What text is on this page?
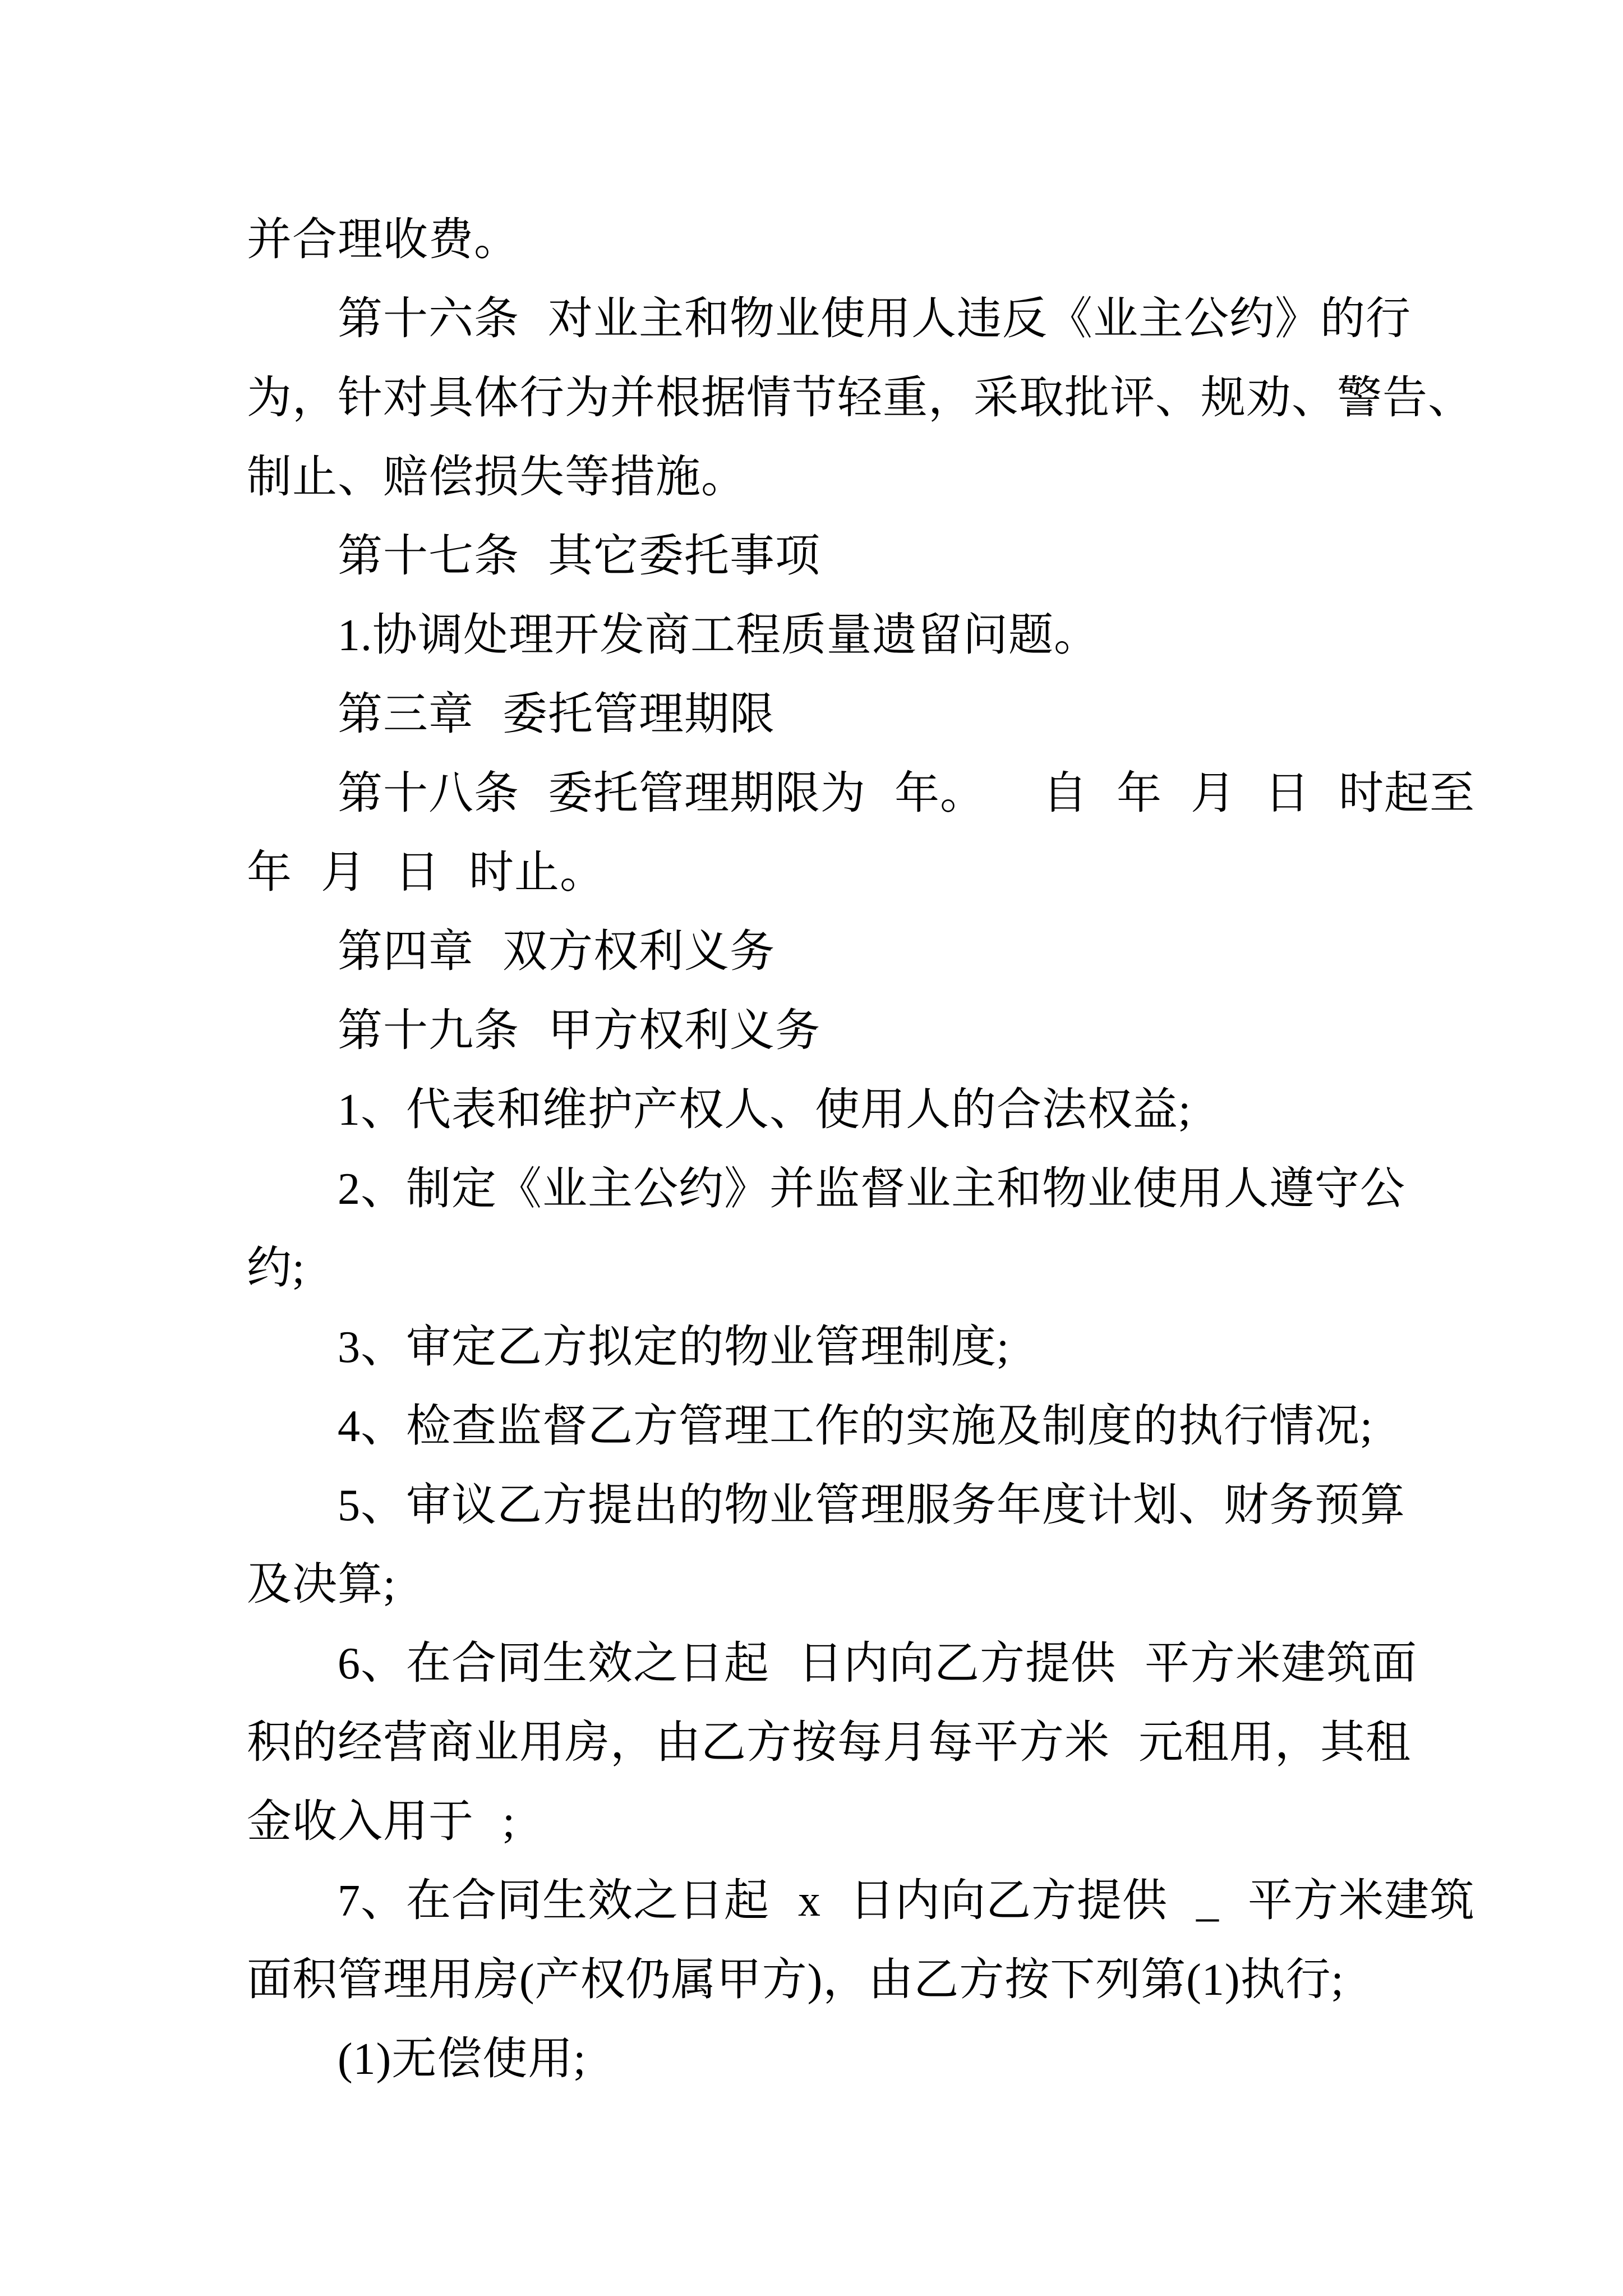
并合理收费。
第十六条 对业主和物业使用人违反《业主公约》的行
为，针对具体行为并根据情节轻重，采取批评、规劝、警告、
制止、赔偿损失等措施。
第十七条 其它委托事项
1.协调处理开发商工程质量遗留问题。
第三章 委托管理期限
第十八条 委托管理期限为 年。  自 年 月 日 时起至
年 月 日 时止。
第四章 双方权利义务
第十九条 甲方权利义务
1、代表和维护产权人、使用人的合法权益;
2、制定《业主公约》并监督业主和物业使用人遵守公
约;
3、审定乙方拟定的物业管理制度;
4、检查监督乙方管理工作的实施及制度的执行情况;
5、审议乙方提出的物业管理服务年度计划、财务预算
及决算;
6、在合同生效之日起 日内向乙方提供 平方米建筑面
积的经营商业用房，由乙方按每月每平方米 元租用，其租
金收入用于 ;
7、在合同生效之日起 x 日内向乙方提供 _ 平方米建筑
面积管理用房(产权仍属甲方)，由乙方按下列第(1)执行;
(1)无偿使用;
